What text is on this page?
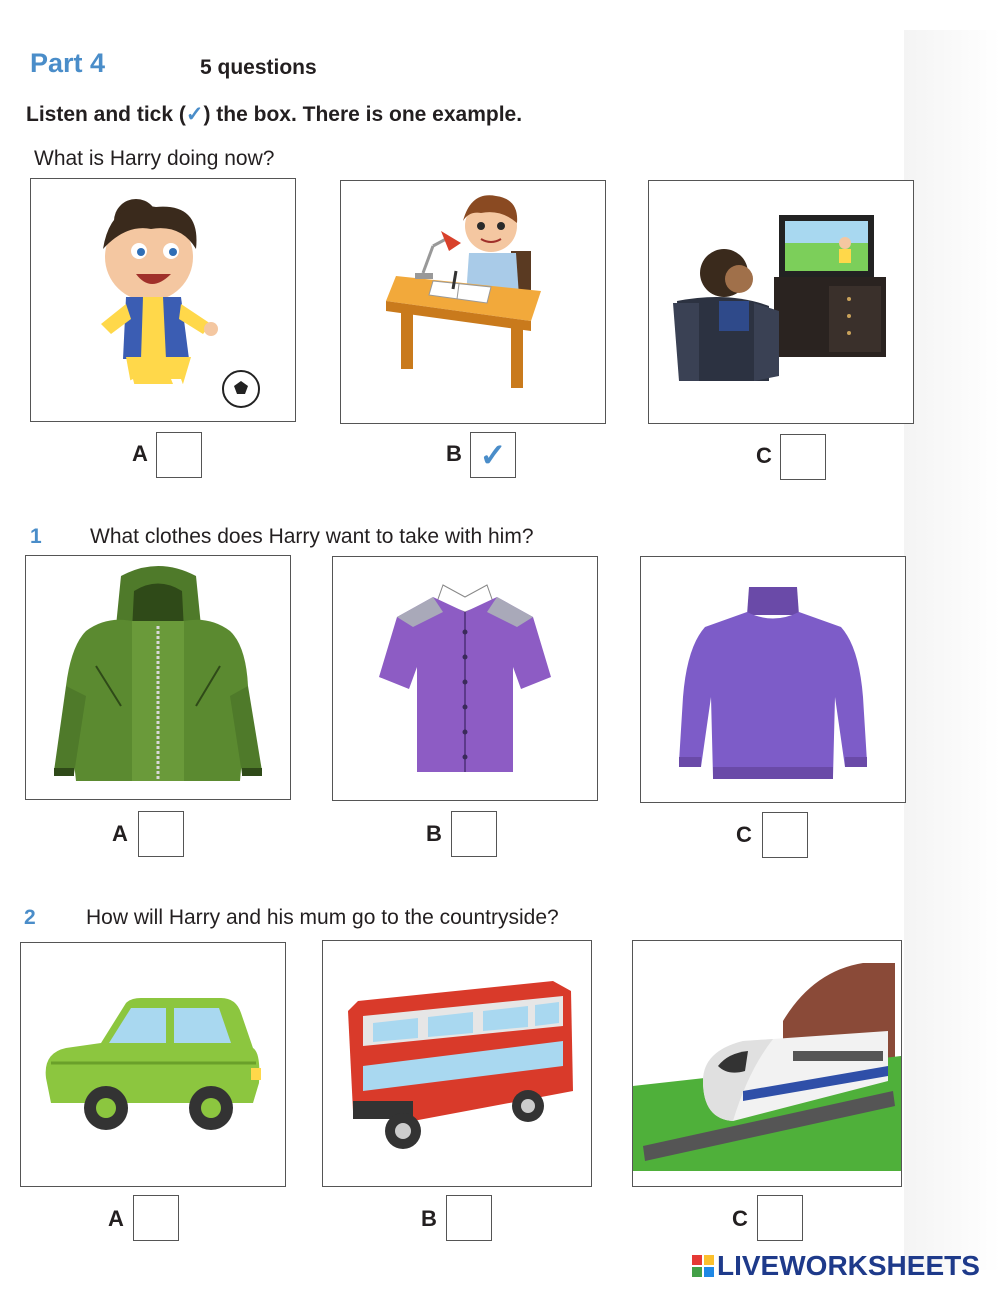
Part 4	5 questions
Listen and tick (✓) the box. There is one example.
What is Harry doing now?
A	B ✓	C
1 What clothes does Harry want to take with him?
A	B	C
2 How will Harry and his mum go to the countryside?
A	B	C
LIVEWORKSHEETS
